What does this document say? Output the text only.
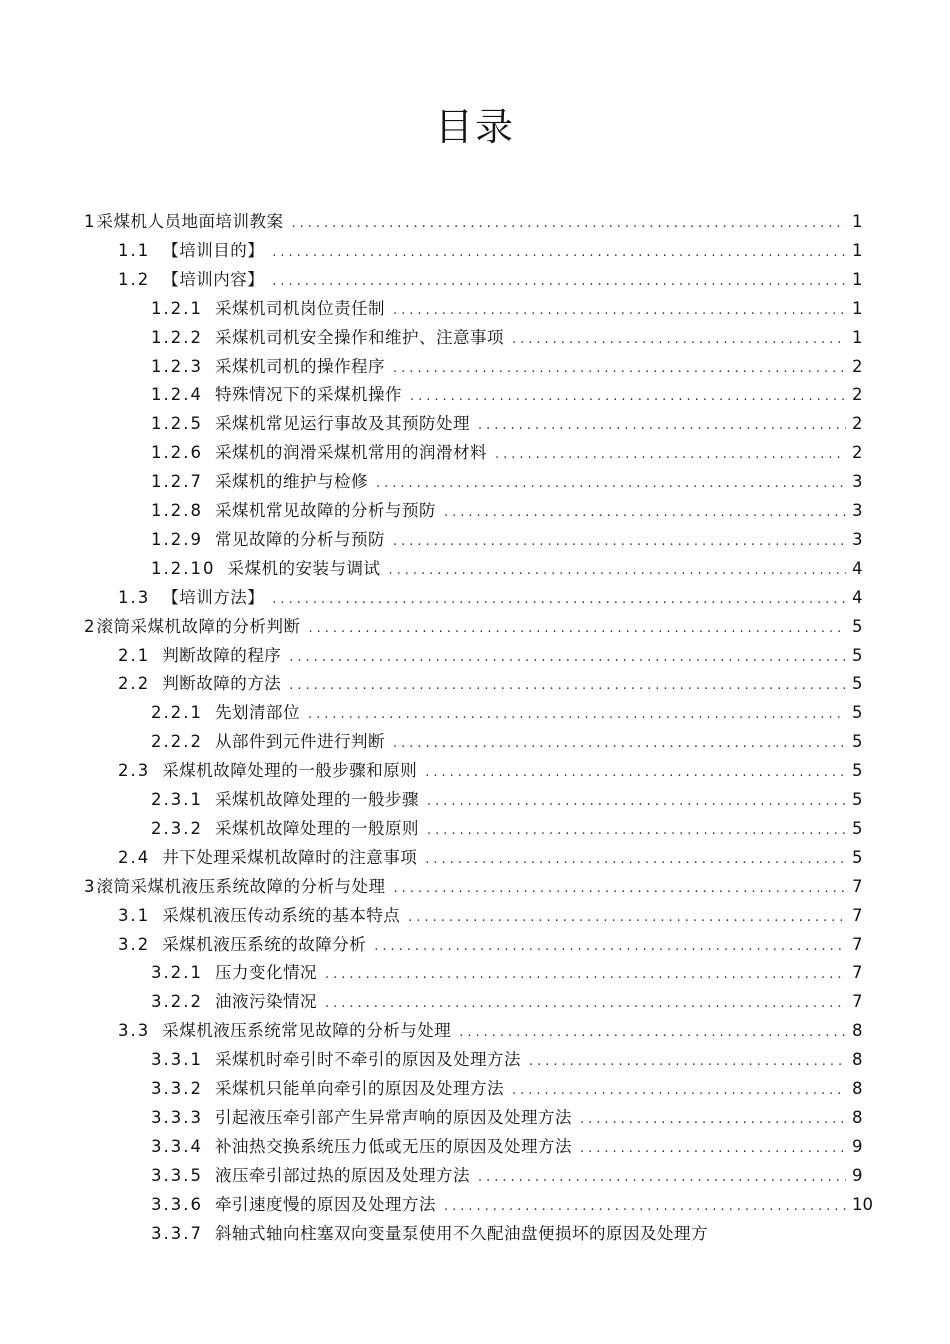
目录
1 采煤机人员地面培训教案 .....	1
1.1 【培训目的】 .....	1
1.2 【培训内容】 .....	1
1.2.1 采煤机司机岗位责任制 .....	1
1.2.2 采煤机司机安全操作和维护、注意事项 .....	1
1.2.3 采煤机司机的操作程序 .....	2
1.2.4 特殊情况下的采煤机操作 .....	2
1.2.5 采煤机常见运行事故及其预防处理 .....	2
1.2.6 采煤机的润滑采煤机常用的润滑材料 .....	2
1.2.7 采煤机的维护与检修 .....	3
1.2.8 采煤机常见故障的分析与预防 .....	3
1.2.9 常见故障的分析与预防 .....	3
1.2.10 采煤机的安装与调试 .....	4
1.3 【培训方法】 .....	4
2 滚筒采煤机故障的分析判断 .....	5
2.1 判断故障的程序 .....	5
2.2 判断故障的方法 .....	5
2.2.1 先划清部位 .....	5
2.2.2 从部件到元件进行判断 .....	5
2.3 采煤机故障处理的一般步骤和原则 .....	5
2.3.1 采煤机故障处理的一般步骤 .....	5
2.3.2 采煤机故障处理的一般原则 .....	5
2.4 井下处理采煤机故障时的注意事项 .....	5
3 滚筒采煤机液压系统故障的分析与处理 .....	7
3.1 采煤机液压传动系统的基本特点 .....	7
3.2 采煤机液压系统的故障分析 .....	7
3.2.1 压力变化情况 .....	7
3.2.2 油液污染情况 .....	7
3.3 采煤机液压系统常见故障的分析与处理 .....	8
3.3.1 采煤机时牵引时不牵引的原因及处理方法 .....	8
3.3.2 采煤机只能单向牵引的原因及处理方法 .....	8
3.3.3 引起液压牵引部产生异常声响的原因及处理方法 .....	8
3.3.4 补油热交换系统压力低或无压的原因及处理方法 .....	9
3.3.5 液压牵引部过热的原因及处理方法 .....	9
3.3.6 牵引速度慢的原因及处理方法 .....	10
3.3.7 斜轴式轴向柱塞双向变量泵使用不久配油盘便损坏的原因及处理方
